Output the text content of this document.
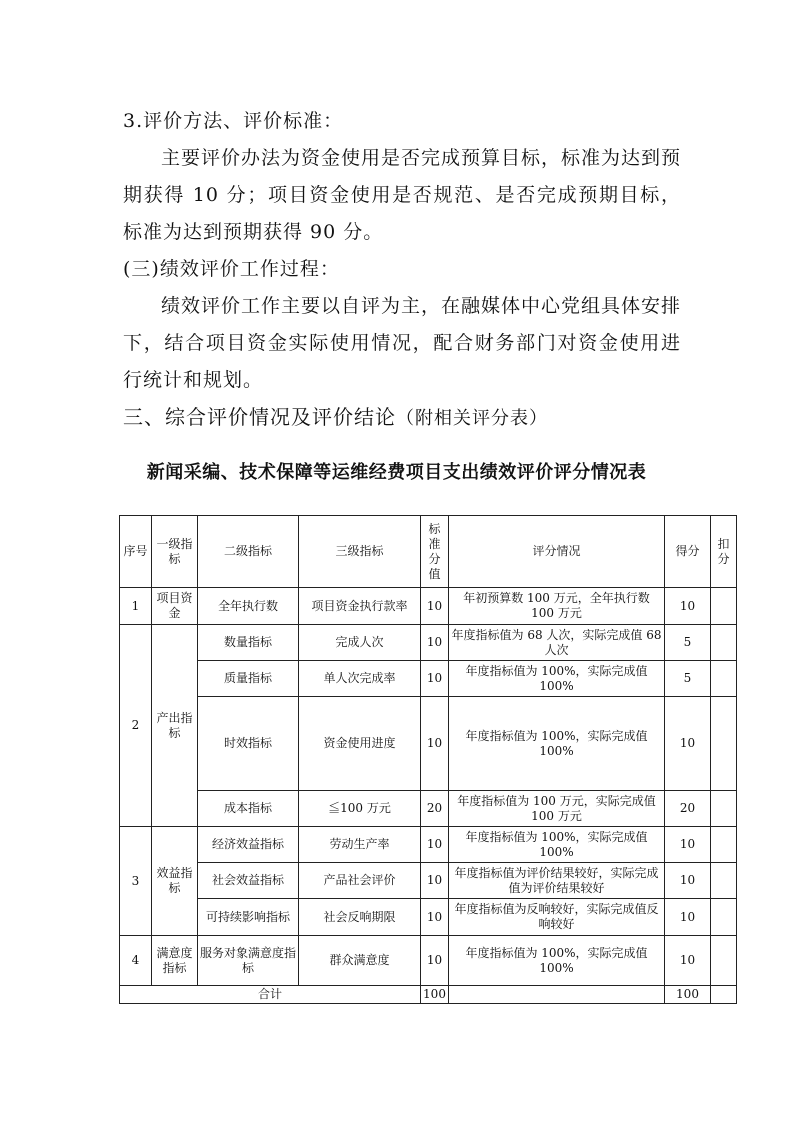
3.评价方法、评价标准：
主要评价办法为资金使用是否完成预算目标，标准为达到预期获得 10 分；项目资金使用是否规范、是否完成预期目标，标准为达到预期获得 90 分。
(三)绩效评价工作过程：
绩效评价工作主要以自评为主，在融媒体中心党组具体安排下，结合项目资金实际使用情况，配合财务部门对资金使用进行统计和规划。
三、综合评价情况及评价结论（附相关评分表）
新闻采编、技术保障等运维经费项目支出绩效评价评分情况表
序号	一级指标	二级指标	三级指标	标准分值	评分情况	得分	扣分
1	项目资金	全年执行数	项目资金执行款率	10	年初预算数 100 万元，全年执行数 100 万元	10	
2	产出指标	数量指标	完成人次	10	年度指标值为 68 人次，实际完成值 68 人次	5	
		质量指标	单人次完成率	10	年度指标值为 100%，实际完成值 100%	5	
		时效指标	资金使用进度	10	年度指标值为 100%，实际完成值 100%	10	
		成本指标	≦100 万元	20	年度指标值为 100 万元，实际完成值 100 万元	20	
3	效益指标	经济效益指标	劳动生产率	10	年度指标值为 100%，实际完成值 100%	10	
		社会效益指标	产品社会评价	10	年度指标值为评价结果较好，实际完成值为评价结果较好	10	
		可持续影响指标	社会反响期限	10	年度指标值为反响较好，实际完成值反响较好	10	
4	满意度指标	服务对象满意度指标	群众满意度	10	年度指标值为 100%，实际完成值 100%	10	
合计				100		100	
